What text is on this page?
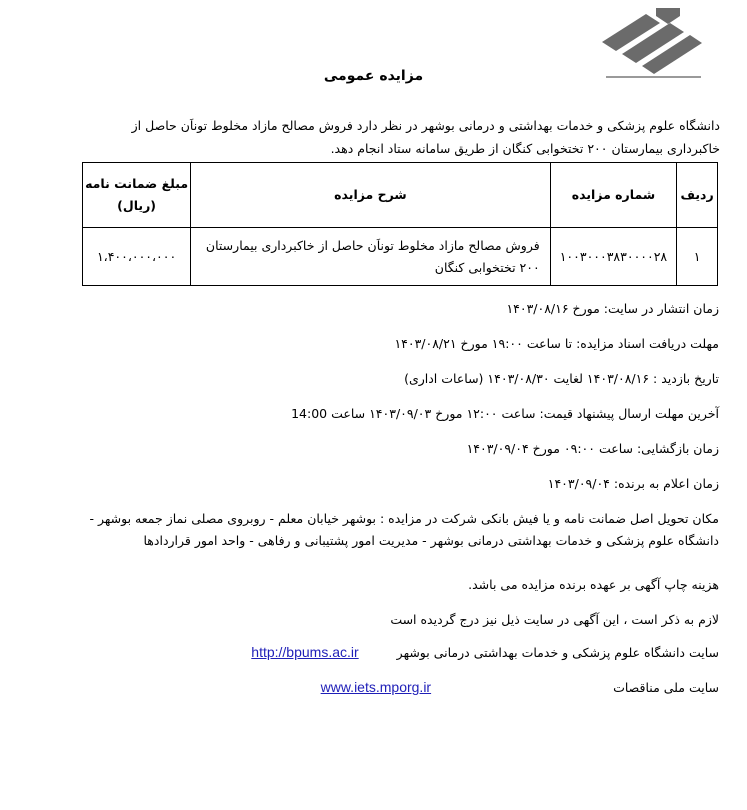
مزایده عمومی
دانشگاه علوم پزشکی و خدمات بهداشتی و درمانی بوشهر در نظر دارد فروش مصالح مازاد مخلوط توناَن حاصل از خاکبرداری بیمارستان ۲۰۰ تختخوابی کنگان از طریق سامانه ستاد انجام دهد.
ردیف	شماره مزایده	شرح مزایده	مبلغ ضمانت نامه (ریال)
۱	۱۰۰۳۰۰۰۳۸۳۰۰۰۰۲۸	فروش مصالح مازاد مخلوط توناَن حاصل از خاکبرداری بیمارستان ۲۰۰ تختخوابی کنگان	۱،۴۰۰،۰۰۰،۰۰۰
زمان انتشار در سایت: مورخ ۱۴۰۳/۰۸/۱۶
مهلت دریافت اسناد مزایده: تا ساعت ۱۹:۰۰ مورخ ۱۴۰۳/۰۸/۲۱
تاریخ بازدید : ۱۴۰۳/۰۸/۱۶ لغایت ۱۴۰۳/۰۸/۳۰ (ساعات اداری)
آخرین مهلت ارسال پیشنهاد قیمت: ساعت ۱۲:۰۰ مورخ ۱۴۰۳/۰۹/۰۳ ساعت 14:00
زمان بازگشایی: ساعت ۰۹:۰۰ مورخ ۱۴۰۳/۰۹/۰۴
زمان اعلام به برنده: ۱۴۰۳/۰۹/۰۴
مکان تحویل اصل ضمانت نامه و یا فیش بانکی شرکت در مزایده : بوشهر خیابان معلم - روبروی مصلی نماز جمعه بوشهر - دانشگاه علوم پزشکی و خدمات بهداشتی درمانی بوشهر - مدیریت امور پشتیبانی و رفاهی - واحد امور قراردادها
هزینه چاپ آگهی بر عهده برنده مزایده می باشد.
لازم به ذکر است ، این آگهی در سایت ذیل نیز درج گردیده است
سایت دانشگاه علوم پزشکی و خدمات بهداشتی درمانی بوشهر
http://bpums.ac.ir
سایت ملی مناقصات
www.iets.mporg.ir
